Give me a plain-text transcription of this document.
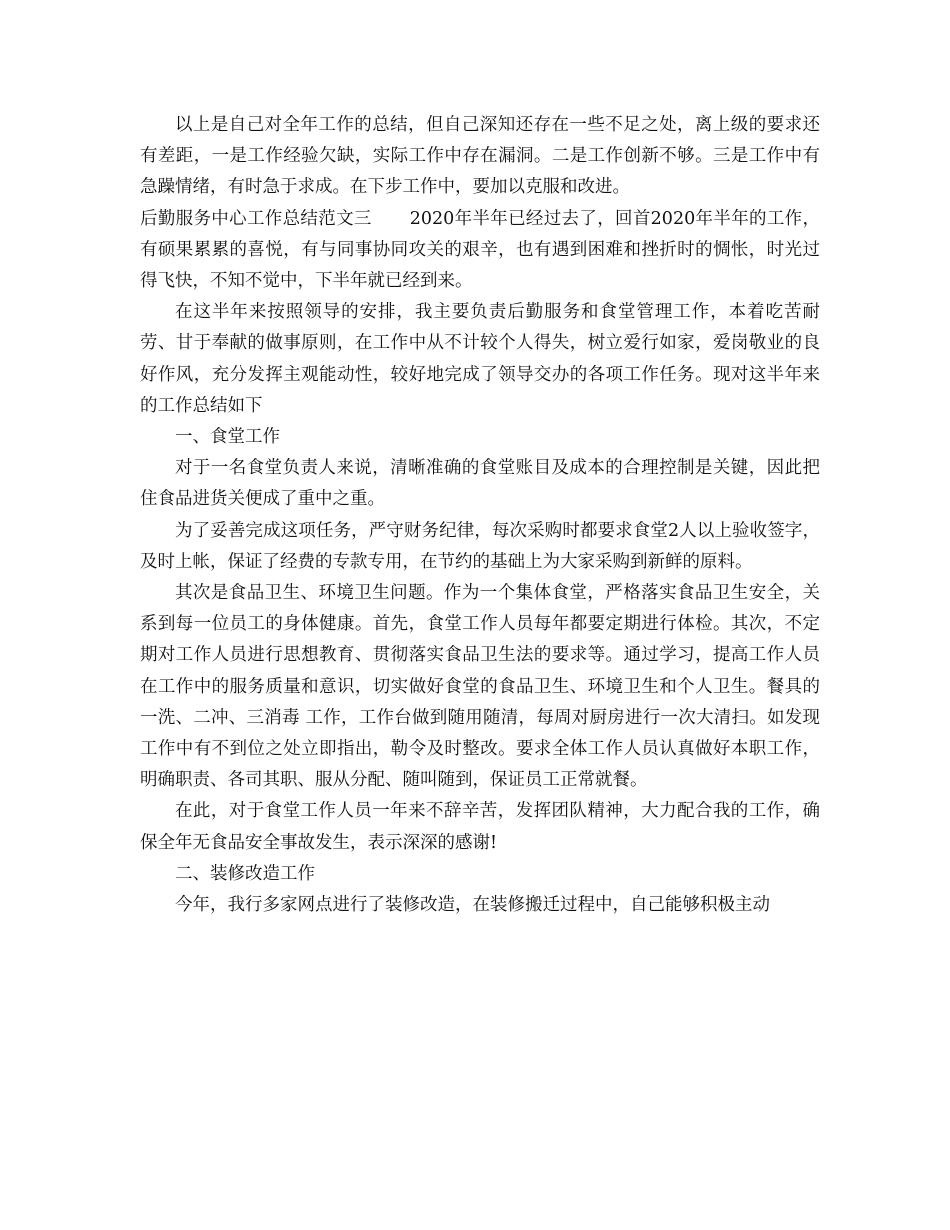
以上是自己对全年工作的总结，但自己深知还存在一些不足之处，离上级的要求还有差距，一是工作经验欠缺，实际工作中存在漏洞。二是工作创新不够。三是工作中有急躁情绪，有时急于求成。在下步工作中，要加以克服和改进。

后勤服务中心工作总结范文三 2020年半年已经过去了，回首2020年半年的工作，有硕果累累的喜悦，有与同事协同攻关的艰辛，也有遇到困难和挫折时的惆怅，时光过得飞快，不知不觉中，下半年就已经到来。

在这半年来按照领导的安排，我主要负责后勤服务和食堂管理工作，本着吃苦耐劳、甘于奉献的做事原则，在工作中从不计较个人得失，树立爱行如家，爱岗敬业的良好作风，充分发挥主观能动性，较好地完成了领导交办的各项工作任务。现对这半年来的工作总结如下

一、食堂工作

对于一名食堂负责人来说，清晰准确的食堂账目及成本的合理控制是关键，因此把住食品进货关便成了重中之重。

为了妥善完成这项任务，严守财务纪律，每次采购时都要求食堂2人以上验收签字，及时上帐，保证了经费的专款专用，在节约的基础上为大家采购到新鲜的原料。

其次是食品卫生、环境卫生问题。作为一个集体食堂，严格落实食品卫生安全，关系到每一位员工的身体健康。首先，食堂工作人员每年都要定期进行体检。其次，不定期对工作人员进行思想教育、贯彻落实食品卫生法的要求等。通过学习，提高工作人员在工作中的服务质量和意识，切实做好食堂的食品卫生、环境卫生和个人卫生。餐具的 一洗、二冲、三消毒 工作，工作台做到随用随清，每周对厨房进行一次大清扫。如发现工作中有不到位之处立即指出，勒令及时整改。要求全体工作人员认真做好本职工作，明确职责、各司其职、服从分配、随叫随到，保证员工正常就餐。

在此，对于食堂工作人员一年来不辞辛苦，发挥团队精神，大力配合我的工作，确保全年无食品安全事故发生，表示深深的感谢!

二、装修改造工作

今年，我行多家网点进行了装修改造，在装修搬迁过程中，自己能够积极主动
